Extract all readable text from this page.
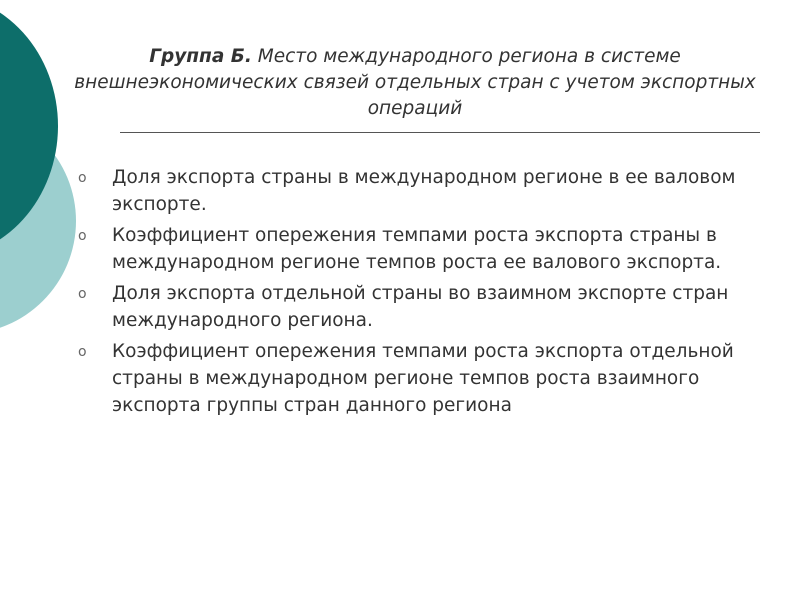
Группа Б. Место международного региона в системе внешнеэкономических связей отдельных стран с учетом экспортных операций
o Доля экспорта страны в международном регионе в ее валовом экспорте.
o Коэффициент опережения темпами роста экспорта страны в международном регионе темпов роста ее валового экспорта.
o Доля экспорта отдельной страны во взаимном экспорте стран международного региона.
o Коэффициент опережения темпами роста экспорта отдельной страны в международном регионе темпов роста взаимного экспорта группы стран данного региона
